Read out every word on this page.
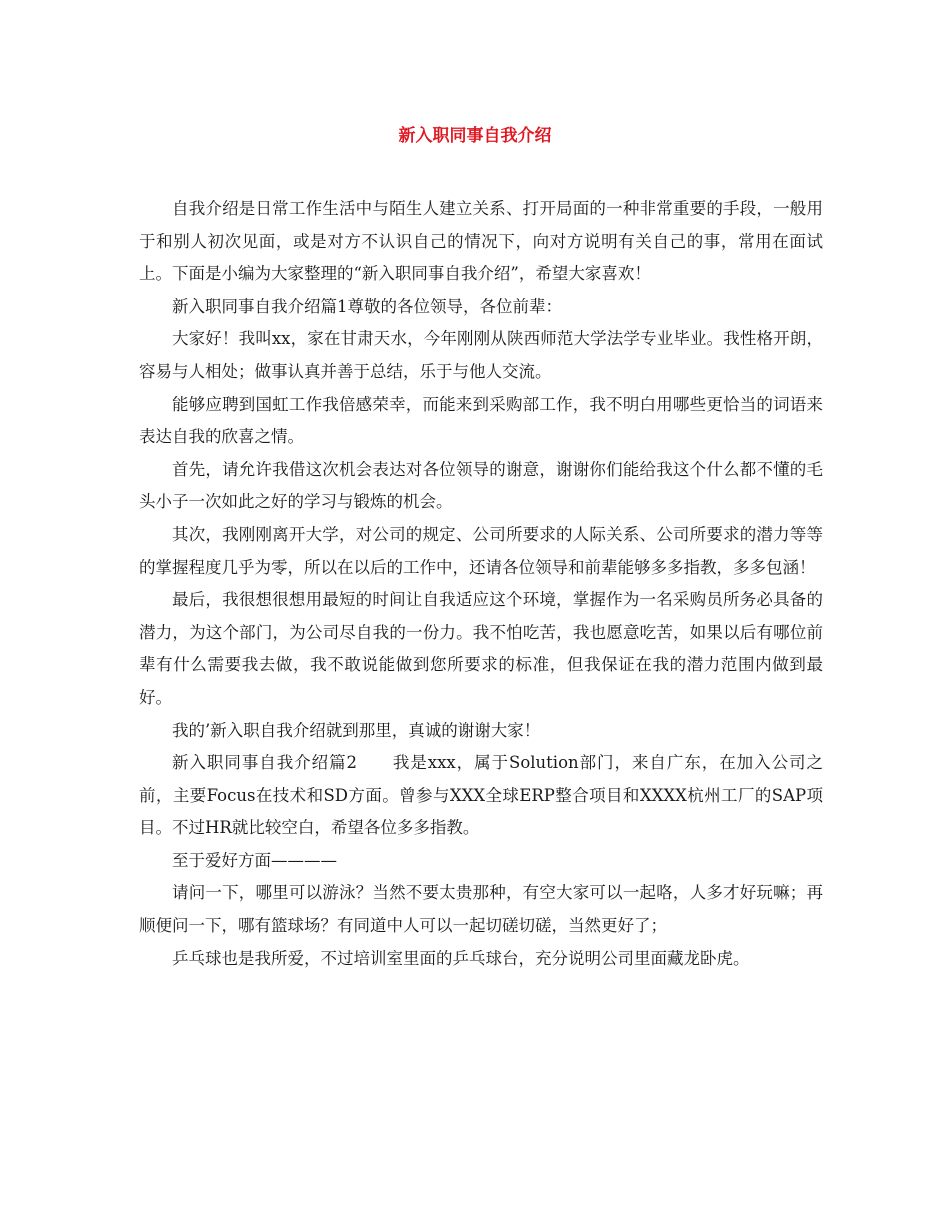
新入职同事自我介绍

自我介绍是日常工作生活中与陌生人建立关系、打开局面的一种非常重要的手段，一般用于和别人初次见面，或是对方不认识自己的情况下，向对方说明有关自己的事，常用在面试上。下面是小编为大家整理的“新入职同事自我介绍”，希望大家喜欢！

新入职同事自我介绍篇1尊敬的各位领导，各位前辈：

大家好！我叫xx，家在甘肃天水，今年刚刚从陕西师范大学法学专业毕业。我性格开朗，容易与人相处；做事认真并善于总结，乐于与他人交流。

能够应聘到国虹工作我倍感荣幸，而能来到采购部工作，我不明白用哪些更恰当的词语来表达自我的欣喜之情。

首先，请允许我借这次机会表达对各位领导的谢意，谢谢你们能给我这个什么都不懂的毛头小子一次如此之好的学习与锻炼的机会。

其次，我刚刚离开大学，对公司的规定、公司所要求的人际关系、公司所要求的潜力等等的掌握程度几乎为零，所以在以后的工作中，还请各位领导和前辈能够多多指教，多多包涵！

最后，我很想很想用最短的时间让自我适应这个环境，掌握作为一名采购员所务必具备的潜力，为这个部门，为公司尽自我的一份力。我不怕吃苦，我也愿意吃苦，如果以后有哪位前辈有什么需要我去做，我不敢说能做到您所要求的标准，但我保证在我的潜力范围内做到最好。

我的’新入职自我介绍就到那里，真诚的谢谢大家！

新入职同事自我介绍篇2　　我是xxx，属于Solution部门，来自广东，在加入公司之前，主要Focus在技术和SD方面。曾参与XXX全球ERP整合项目和XXXX杭州工厂的SAP项目。不过HR就比较空白，希望各位多多指教。

至于爱好方面————

请问一下，哪里可以游泳？当然不要太贵那种，有空大家可以一起咯，人多才好玩嘛；再顺便问一下，哪有篮球场？有同道中人可以一起切磋切磋，当然更好了；

乒乓球也是我所爱，不过培训室里面的乒乓球台，充分说明公司里面藏龙卧虎。
